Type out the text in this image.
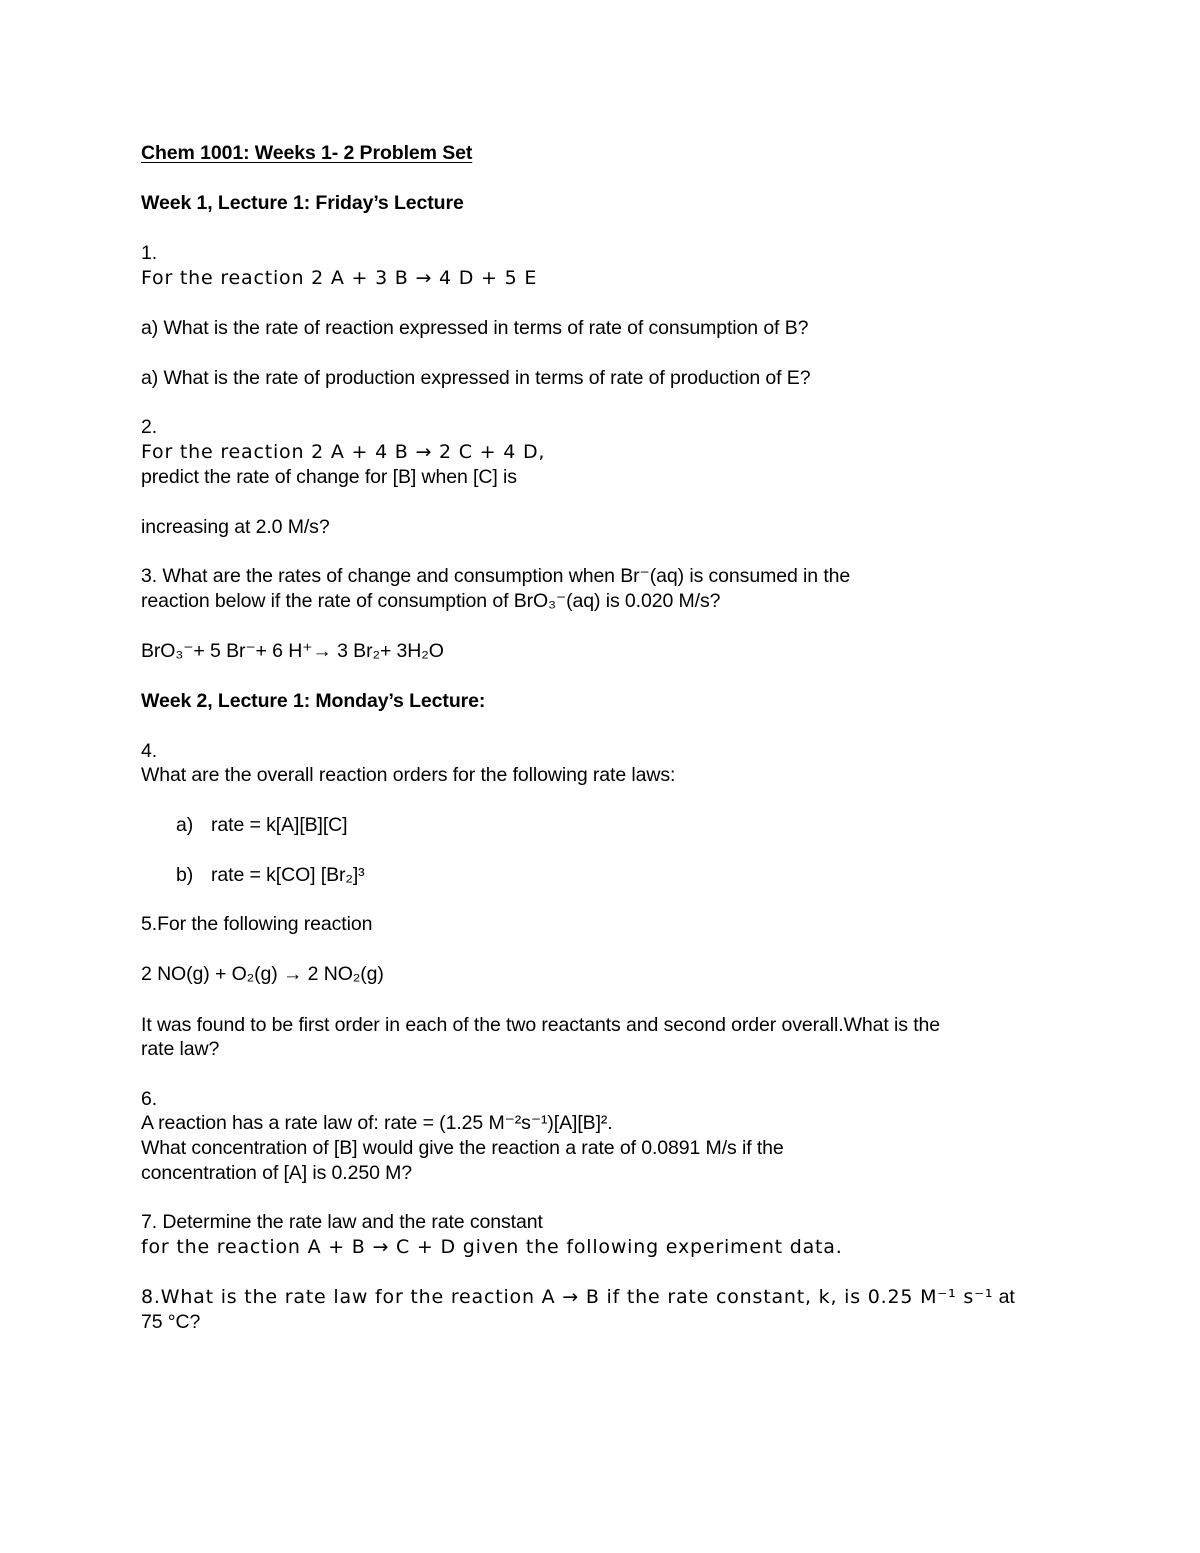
Chem 1001: Weeks 1- 2 Problem Set

Week 1, Lecture 1: Friday’s Lecture

1.

For the reaction 2 A + 3 B → 4 D + 5 E

a) What is the rate of reaction expressed in terms of rate of consumption of B?

a) What is the rate of production expressed in terms of rate of production of E?

2.

For the reaction 2 A + 4 B → 2 C + 4 D,

predict the rate of change for [B] when [C] is

increasing at 2.0 M/s?

3. What are the rates of change and consumption when Br⁻(aq) is consumed in the

reaction below if the rate of consumption of BrO₃⁻(aq) is 0.020 M/s?

BrO₃⁻+ 5 Br⁻+ 6 H⁺→ 3 Br₂+ 3H₂O

Week 2, Lecture 1: Monday’s Lecture:

4.

What are the overall reaction orders for the following rate laws:

a) rate = k[A][B][C]

b) rate = k[CO] [Br₂]³

5.For the following reaction

2 NO(g) + O₂(g) → 2 NO₂(g)

It was found to be first order in each of the two reactants and second order overall.What is the

rate law?

6.

A reaction has a rate law of: rate = (1.25 M⁻²s⁻¹)[A][B]².

What concentration of [B] would give the reaction a rate of 0.0891 M/s if the

concentration of [A] is 0.250 M?

7. Determine the rate law and the rate constant

for the reaction A + B → C + D given the following experiment data.

8.What is the rate law for the reaction A → B if the rate constant, k, is 0.25 M⁻¹ s⁻¹ at

75 °C?
